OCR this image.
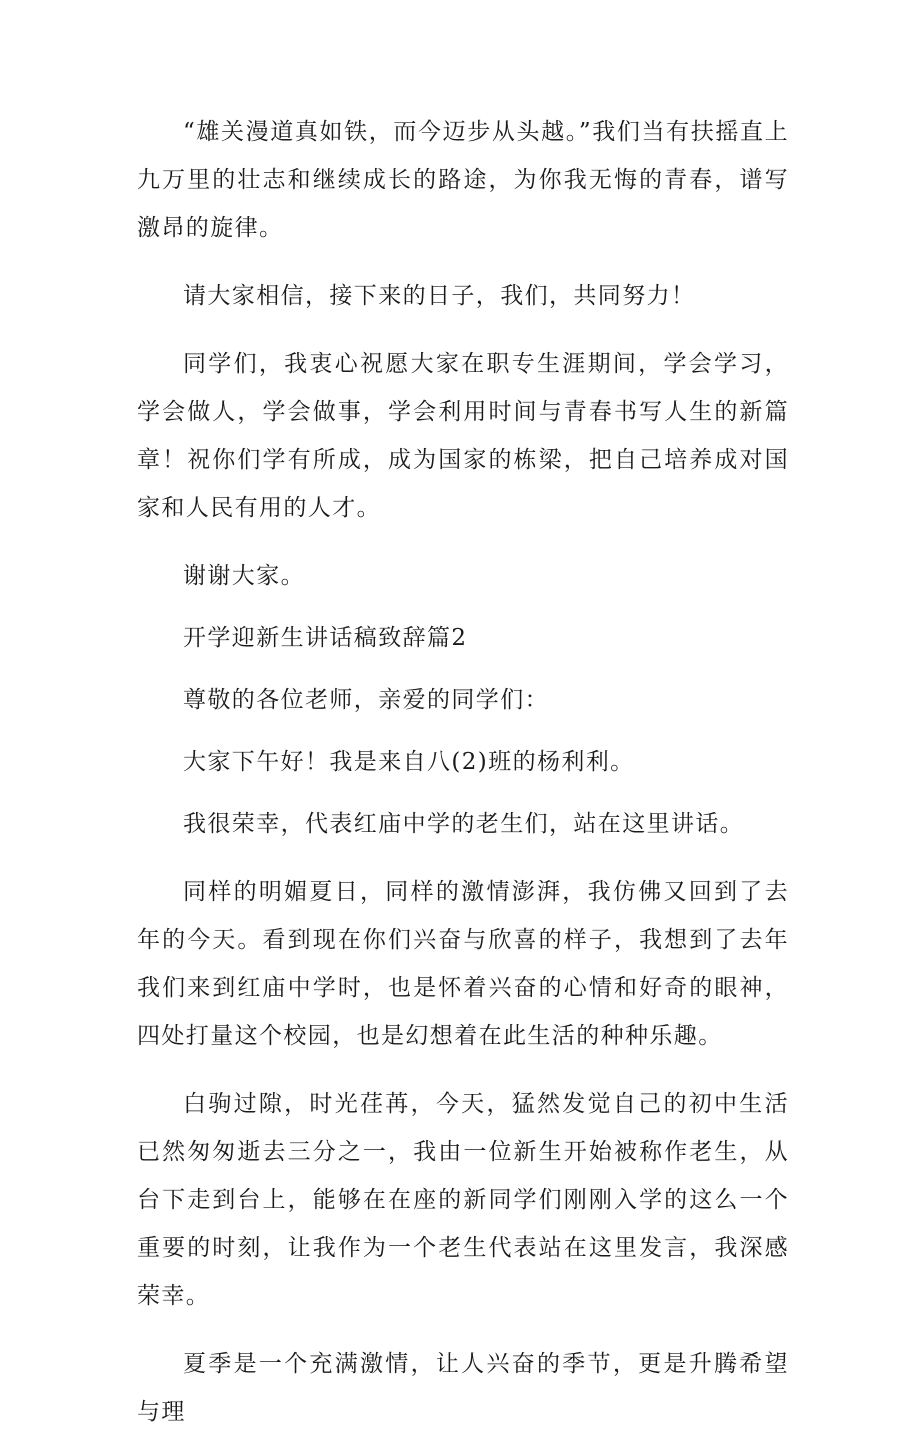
“雄关漫道真如铁，而今迈步从头越。”我们当有扶摇直上九万里的壮志和继续成长的路途，为你我无悔的青春，谱写激昂的旋律。

请大家相信，接下来的日子，我们，共同努力！

同学们，我衷心祝愿大家在职专生涯期间，学会学习，学会做人，学会做事，学会利用时间与青春书写人生的新篇章！祝你们学有所成，成为国家的栋梁，把自己培养成对国家和人民有用的人才。

谢谢大家。

开学迎新生讲话稿致辞篇2

尊敬的各位老师，亲爱的同学们：

大家下午好！我是来自八(2)班的杨利利。

我很荣幸，代表红庙中学的老生们，站在这里讲话。

同样的明媚夏日，同样的激情澎湃，我仿佛又回到了去年的今天。看到现在你们兴奋与欣喜的样子，我想到了去年我们来到红庙中学时，也是怀着兴奋的心情和好奇的眼神，四处打量这个校园，也是幻想着在此生活的种种乐趣。

白驹过隙，时光荏苒，今天，猛然发觉自己的初中生活已然匆匆逝去三分之一，我由一位新生开始被称作老生，从台下走到台上，能够在在座的新同学们刚刚入学的这么一个重要的时刻，让我作为一个老生代表站在这里发言，我深感荣幸。

夏季是一个充满激情，让人兴奋的季节，更是升腾希望与理
